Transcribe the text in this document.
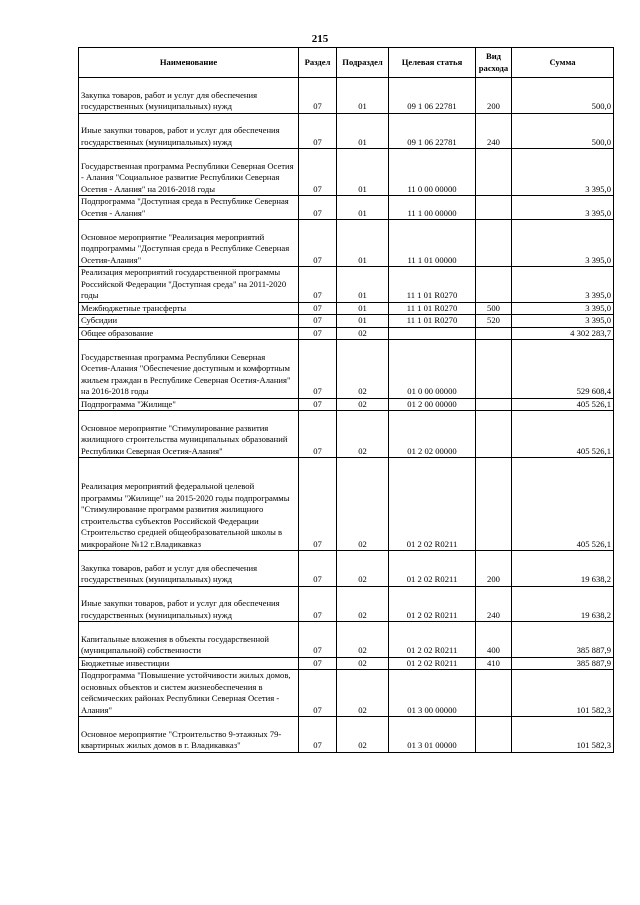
215
Наименование	Раздел	Подраздел	Целевая статья	Вид расхода	Сумма
Закупка товаров, работ и услуг для обеспечения государственных (муниципальных) нужд	07	01	09 1 06 22781	200	500,0
Иные закупки товаров, работ и услуг для обеспечения государственных (муниципальных) нужд	07	01	09 1 06 22781	240	500,0
Государственная программа Республики Северная Осетия - Алания "Социальное развитие Республики Северная Осетия - Алания" на 2016-2018 годы	07	01	11 0 00 00000		3 395,0
Подпрограмма "Доступная среда в Республике Северная Осетия - Алания"	07	01	11 1 00 00000		3 395,0
Основное мероприятие "Реализация мероприятий подпрограммы "Доступная среда в Республике Северная Осетия-Алания"	07	01	11 1 01 00000		3 395,0
Реализация мероприятий государственной программы Российской Федерации "Доступная среда" на 2011-2020 годы	07	01	11 1 01 R0270		3 395,0
Межбюджетные трансферты	07	01	11 1 01 R0270	500	3 395,0
Субсидии	07	01	11 1 01 R0270	520	3 395,0
Общее образование	07	02			4 302 283,7
Государственная программа Республики Северная Осетия-Алания "Обеспечение доступным и комфортным жильем граждан в Республике Северная Осетия-Алания" на 2016-2018 годы	07	02	01 0 00 00000		529 608,4
Подпрограмма "Жилище"	07	02	01 2 00 00000		405 526,1
Основное мероприятие "Стимулирование развития жилищного строительства муниципальных образований Республики Северная Осетия-Алания"	07	02	01 2 02 00000		405 526,1
Реализация мероприятий федеральной целевой программы "Жилище" на 2015-2020 годы подпрограммы "Стимулирование программ развития жилищного строительства субъектов Российской Федерации Строительство средней общеобразовательной школы в микрорайоне №12 г.Владикавказ	07	02	01 2 02 R0211		405 526,1
Закупка товаров, работ и услуг для обеспечения государственных (муниципальных) нужд	07	02	01 2 02 R0211	200	19 638,2
Иные закупки товаров, работ и услуг для обеспечения государственных (муниципальных) нужд	07	02	01 2 02 R0211	240	19 638,2
Капитальные вложения в объекты государственной (муниципальной) собственности	07	02	01 2 02 R0211	400	385 887,9
Бюджетные инвестиции	07	02	01 2 02 R0211	410	385 887,9
Подпрограмма "Повышение устойчивости жилых домов, основных объектов и систем жизнеобеспечения в сейсмических районах Республики Северная Осетия - Алания"	07	02	01 3 00 00000		101 582,3
Основное мероприятие "Строительство 9-этажных 79-квартирных жилых домов в г. Владикавказ"	07	02	01 3 01 00000		101 582,3
